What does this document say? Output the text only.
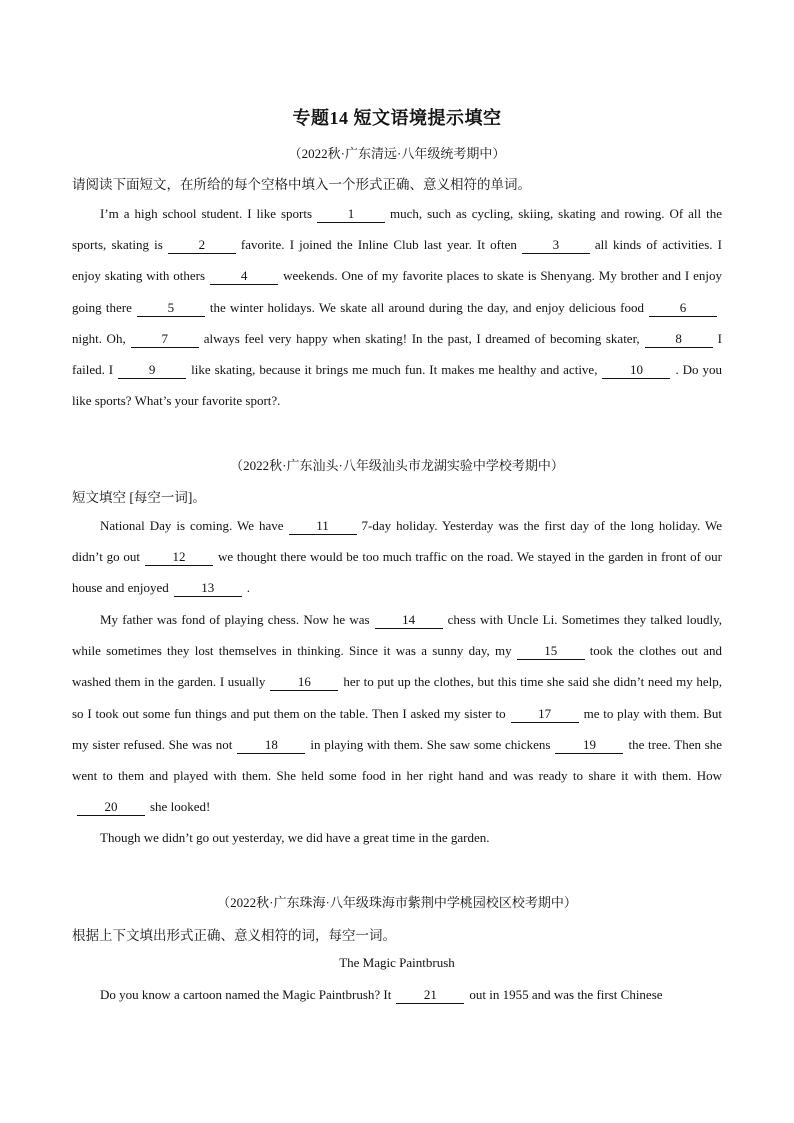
专题14 短文语境提示填空
（2022秋·广东清远·八年级统考期中）
请阅读下面短文，在所给的每个空格中填入一个形式正确、意义相符的单词。

I’m a high school student. I like sports	1	much, such as cycling, skiing, skating and rowing. Of all the sports, skating is	2	favorite. I joined the Inline Club last year. It often	3	all kinds of activities. I enjoy skating with others	4	weekends. One of my favorite places to skate is Shenyang. My brother and I enjoy going there	5	the winter holidays. We skate all around during the day, and enjoy delicious food	6night. Oh,	7	always feel very happy when skating! In the past, I dreamed of becoming skater,	8	I failed. I	9	like skating, because it brings me much fun. It makes me healthy and active,	10	. Do you like sports? What’s your favorite sport?.

（2022秋·广东汕头·八年级汕头市龙湖实验中学校考期中）
短文填空 [每空一词]。

National Day is coming. We have	11	7-day holiday. Yesterday was the first day of the long holiday. We didn’t go out	12	we thought there would be too much traffic on the road. We stayed in the garden in front of our house and enjoyed	13	.

My father was fond of playing chess. Now he was	14	chess with Uncle Li. Sometimes they talked loudly, while sometimes they lost themselves in thinking. Since it was a sunny day, my	15	took the clothes out and washed them in the garden. I usually	16	her to put up the clothes, but this time she said she didn’t need my help, so I took out some fun things and put them on the table. Then I asked my sister to	17	me to play with them. But my sister refused. She was not	18	in playing with them. She saw some chickens	19	the tree. Then she went to them and played with them. She held some food in her right hand and was ready to share it with them. How20	she looked!

Though we didn’t go out yesterday, we did have a great time in the garden.

（2022秋·广东珠海·八年级珠海市紫荆中学桃园校区校考期中）
根据上下文填出形式正确、意义相符的词，每空一词。
The Magic Paintbrush

Do you know a cartoon named the Magic Paintbrush? It	21	out in 1955 and was the first Chinese
